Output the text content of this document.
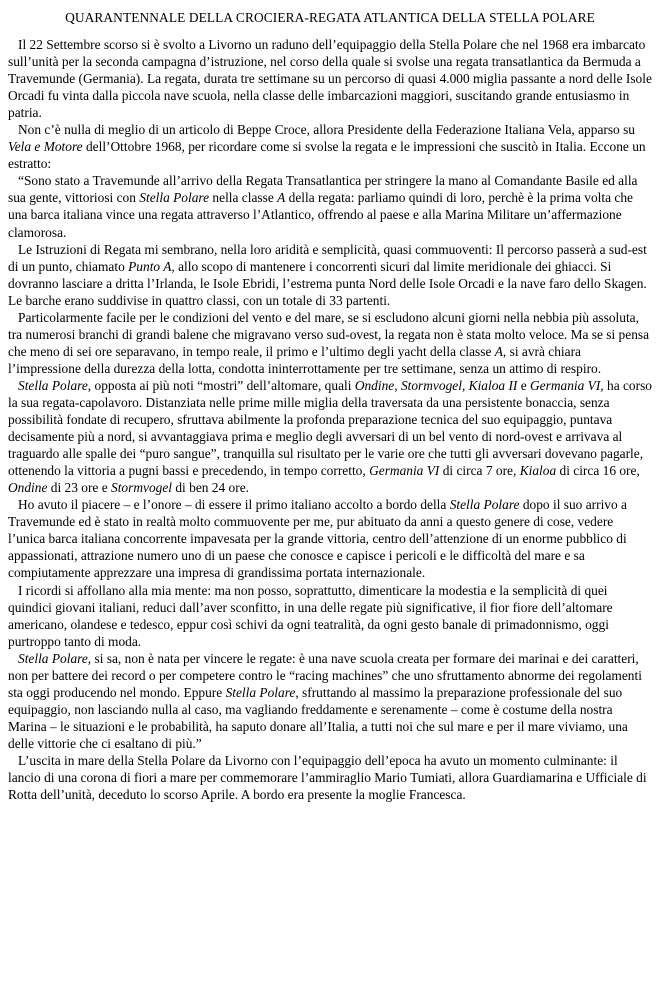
QUARANTENNALE DELLA CROCIERA-REGATA ATLANTICA DELLA STELLA POLARE

Il 22 Settembre scorso si è svolto a Livorno un raduno dell’equipaggio della Stella Polare che nel 1968 era imbarcato sull’unità per la seconda campagna d’istruzione, nel corso della quale si svolse una regata transatlantica da Bermuda a Travemunde (Germania). La regata, durata tre settimane su un percorso di quasi 4.000 miglia passante a nord delle Isole Orcadi fu vinta dalla piccola nave scuola, nella classe delle imbarcazioni maggiori, suscitando grande entusiasmo in patria.

Non c’è nulla di meglio di un articolo di Beppe Croce, allora Presidente della Federazione Italiana Vela, apparso su Vela e Motore dell’Ottobre 1968, per ricordare come si svolse la regata e le impressioni che suscitò in Italia. Eccone un estratto:

“Sono stato a Travemunde all’arrivo della Regata Transatlantica per stringere la mano al Comandante Basile ed alla sua gente, vittoriosi con Stella Polare nella classe A della regata: parliamo quindi di loro, perchè è la prima volta che una barca italiana vince una regata attraverso l’Atlantico, offrendo al paese e alla Marina Militare un’affermazione clamorosa.

Le Istruzioni di Regata mi sembrano, nella loro aridità e semplicità, quasi commuoventi: Il percorso passerà a sud-est di un punto, chiamato Punto A, allo scopo di mantenere i concorrenti sicuri dal limite meridionale dei ghiacci. Si dovranno lasciare a dritta l’Irlanda, le Isole Ebridi, l’estrema punta Nord delle Isole Orcadi e la nave faro dello Skagen. Le barche erano suddivise in quattro classi, con un totale di 33 partenti.

Particolarmente facile per le condizioni del vento e del mare, se si escludono alcuni giorni nella nebbia più assoluta, tra numerosi branchi di grandi balene che migravano verso sud-ovest, la regata non è stata molto veloce. Ma se si pensa che meno di sei ore separavano, in tempo reale, il primo e l’ultimo degli yacht della classe A, si avrà chiara l’impressione della durezza della lotta, condotta ininterrottamente per tre settimane, senza un attimo di respiro.

Stella Polare, opposta ai più noti “mostri” dell’altomare, quali Ondine, Stormvogel, Kialoa II e Germania VI, ha corso la sua regata-capolavoro. Distanziata nelle prime mille miglia della traversata da una persistente bonaccia, senza possibilità fondate di recupero, sfruttava abilmente la profonda preparazione tecnica del suo equipaggio, puntava decisamente più a nord, si avvantaggiava prima e meglio degli avversari di un bel vento di nord-ovest e arrivava al traguardo alle spalle dei “puro sangue”, tranquilla sul risultato per le varie ore che tutti gli avversari dovevano pagarle, ottenendo la vittoria a pugni bassi e precedendo, in tempo corretto, Germania VI di circa 7 ore, Kialoa di circa 16 ore, Ondine di 23 ore e Stormvogel di ben 24 ore.

Ho avuto il piacere – e l’onore – di essere il primo italiano accolto a bordo della Stella Polare dopo il suo arrivo a Travemunde ed è stato in realtà molto commuovente per me, pur abituato da anni a questo genere di cose, vedere l’unica barca italiana concorrente impavesata per la grande vittoria, centro dell’attenzione di un enorme pubblico di appassionati, attrazione numero uno di un paese che conosce e capisce i pericoli e le difficoltà del mare e sa compiutamente apprezzare una impresa di grandissima portata internazionale.

I ricordi si affollano alla mia mente: ma non posso, soprattutto, dimenticare la modestia e la semplicità di quei quindici giovani italiani, reduci dall’aver sconfitto, in una delle regate più significative, il fior fiore dell’altomare americano, olandese e tedesco, eppur così schivi da ogni teatralità, da ogni gesto banale di primadonnismo, oggi purtroppo tanto di moda.

Stella Polare, si sa, non è nata per vincere le regate: è una nave scuola creata per formare dei marinai e dei caratteri, non per battere dei record o per competere contro le “racing machines” che uno sfruttamento abnorme dei regolamenti sta oggi producendo nel mondo. Eppure Stella Polare, sfruttando al massimo la preparazione professionale del suo equipaggio, non lasciando nulla al caso, ma vagliando freddamente e serenamente – come è costume della nostra Marina – le situazioni e le probabilità, ha saputo donare all’Italia, a tutti noi che sul mare e per il mare viviamo, una delle vittorie che ci esaltano di più.”

L’uscita in mare della Stella Polare da Livorno con l’equipaggio dell’epoca ha avuto un momento culminante: il lancio di una corona di fiori a mare per commemorare l’ammiraglio Mario Tumiati, allora Guardiamarina e Ufficiale di Rotta dell’unità, deceduto lo scorso Aprile. A bordo era presente la moglie Francesca.
